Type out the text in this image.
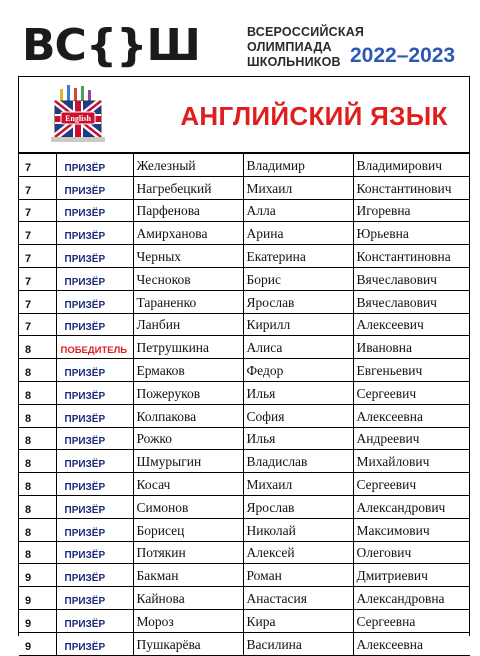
ВС{}Ш	ВСЕРОССИЙСКАЯ
ОЛИМПИАДА
ШКОЛЬНИКОВ 2022–2023
English	АНГЛИЙСКИЙ ЯЗЫК
7	ПРИЗЁР	Железный	Владимир	Владимирович
7	ПРИЗЁР	Нагребецкий	Михаил	Константинович
7	ПРИЗЁР	Парфенова	Алла	Игоревна
7	ПРИЗЁР	Амирханова	Арина	Юрьевна
7	ПРИЗЁР	Черных	Екатерина	Константиновна
7	ПРИЗЁР	Чесноков	Борис	Вячеславович
7	ПРИЗЁР	Тараненко	Ярослав	Вячеславович
7	ПРИЗЁР	Ланбин	Кирилл	Алексеевич
8	ПОБЕДИТЕЛЬ	Петрушкина	Алиса	Ивановна
8	ПРИЗЁР	Ермаков	Федор	Евгеньевич
8	ПРИЗЁР	Пожеруков	Илья	Сергеевич
8	ПРИЗЁР	Колпакова	София	Алексеевна
8	ПРИЗЁР	Рожко	Илья	Андреевич
8	ПРИЗЁР	Шмурыгин	Владислав	Михайлович
8	ПРИЗЁР	Косач	Михаил	Сергеевич
8	ПРИЗЁР	Симонов	Ярослав	Александрович
8	ПРИЗЁР	Борисец	Николай	Максимович
8	ПРИЗЁР	Потякин	Алексей	Олегович
9	ПРИЗЁР	Бакман	Роман	Дмитриевич
9	ПРИЗЁР	Кайнова	Анастасия	Александровна
9	ПРИЗЁР	Мороз	Кира	Сергеевна
9	ПРИЗЁР	Пушкарёва	Василина	Алексеевна
